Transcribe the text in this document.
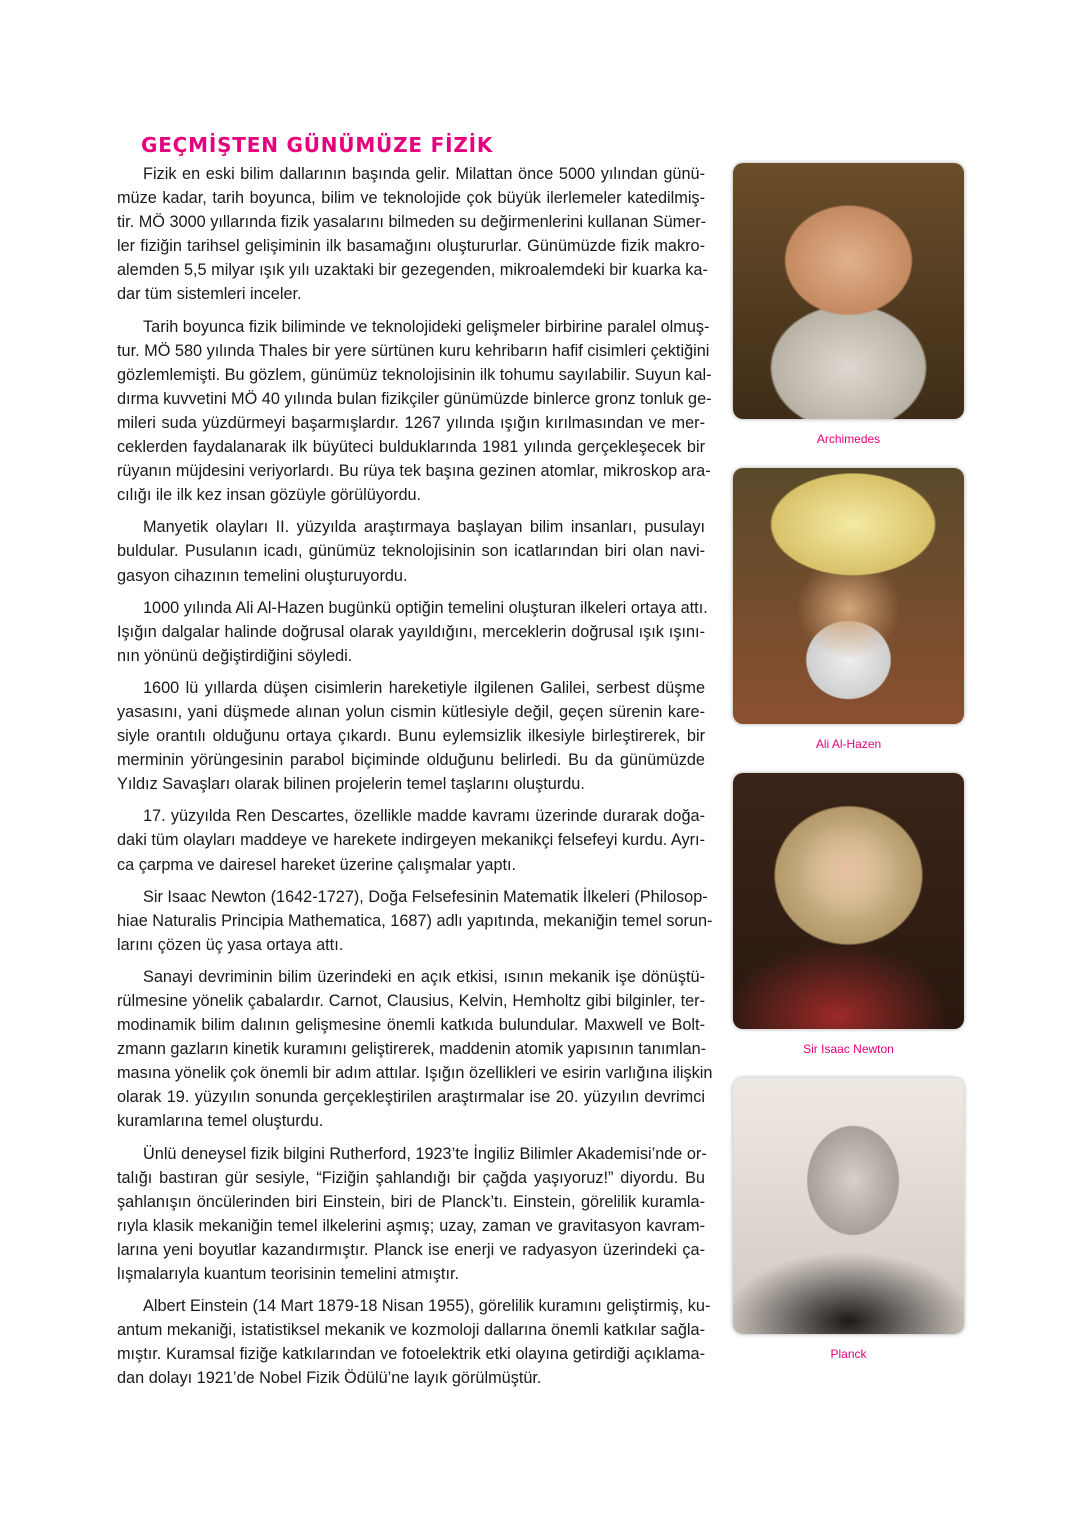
GEÇMİŞTEN GÜNÜMÜZE FİZİK
Fizik en eski bilim dallarının başında gelir. Milattan önce 5000 yılından günü-
müze kadar, tarih boyunca, bilim ve teknolojide çok büyük ilerlemeler katedilmiş-
tir. MÖ 3000 yıllarında fizik yasalarını bilmeden su değirmenlerini kullanan Sümer-
ler fiziğin tarihsel gelişiminin ilk basamağını oluştururlar. Günümüzde fizik makro-
alemden 5,5 milyar ışık yılı uzaktaki bir gezegenden, mikroalemdeki bir kuarka ka-
dar tüm sistemleri inceler.
Tarih boyunca fizik biliminde ve teknolojideki gelişmeler birbirine paralel olmuş-
tur. MÖ 580 yılında Thales bir yere sürtünen kuru kehribarın hafif cisimleri çektiğini
gözlemlemişti. Bu gözlem, günümüz teknolojisinin ilk tohumu sayılabilir. Suyun kal-
dırma kuvvetini MÖ 40 yılında bulan fizikçiler günümüzde binlerce gronz tonluk ge-
mileri suda yüzdürmeyi başarmışlardır. 1267 yılında ışığın kırılmasından ve mer-
ceklerden faydalanarak ilk büyüteci bulduklarında 1981 yılında gerçekleşecek bir
rüyanın müjdesini veriyorlardı. Bu rüya tek başına gezinen atomlar, mikroskop ara-
cılığı ile ilk kez insan gözüyle görülüyordu.
Manyetik olayları II. yüzyılda araştırmaya başlayan bilim insanları, pusulayı
buldular. Pusulanın icadı, günümüz teknolojisinin son icatlarından biri olan navi-
gasyon cihazının temelini oluşturuyordu.
1000 yılında Ali Al-Hazen bugünkü optiğin temelini oluşturan ilkeleri ortaya attı.
Işığın dalgalar halinde doğrusal olarak yayıldığını, merceklerin doğrusal ışık ışını-
nın yönünü değiştirdiğini söyledi.
1600 lü yıllarda düşen cisimlerin hareketiyle ilgilenen Galilei, serbest düşme
yasasını, yani düşmede alınan yolun cismin kütlesiyle değil, geçen sürenin kare-
siyle orantılı olduğunu ortaya çıkardı. Bunu eylemsizlik ilkesiyle birleştirerek, bir
merminin yörüngesinin parabol biçiminde olduğunu belirledi. Bu da günümüzde
Yıldız Savaşları olarak bilinen projelerin temel taşlarını oluşturdu.
17. yüzyılda Ren Descartes, özellikle madde kavramı üzerinde durarak doğa-
daki tüm olayları maddeye ve harekete indirgeyen mekanikçi felsefeyi kurdu. Ayrı-
ca çarpma ve dairesel hareket üzerine çalışmalar yaptı.
Sir Isaac Newton (1642-1727), Doğa Felsefesinin Matematik İlkeleri (Philosop-
hiae Naturalis Principia Mathematica, 1687) adlı yapıtında, mekaniğin temel sorun-
larını çözen üç yasa ortaya attı.
Sanayi devriminin bilim üzerindeki en açık etkisi, ısının mekanik işe dönüştü-
rülmesine yönelik çabalardır. Carnot, Clausius, Kelvin, Hemholtz gibi bilginler, ter-
modinamik bilim dalının gelişmesine önemli katkıda bulundular. Maxwell ve Bolt-
zmann gazların kinetik kuramını geliştirerek, maddenin atomik yapısının tanımlan-
masına yönelik çok önemli bir adım attılar. Işığın özellikleri ve esirin varlığına ilişkin
olarak 19. yüzyılın sonunda gerçekleştirilen araştırmalar ise 20. yüzyılın devrimci
kuramlarına temel oluşturdu.
Ünlü deneysel fizik bilgini Rutherford, 1923’te İngiliz Bilimler Akademisi’nde or-
talığı bastıran gür sesiyle, “Fiziğin şahlandığı bir çağda yaşıyoruz!” diyordu. Bu
şahlanışın öncülerinden biri Einstein, biri de Planck’tı. Einstein, görelilik kuramla-
rıyla klasik mekaniğin temel ilkelerini aşmış; uzay, zaman ve gravitasyon kavram-
larına yeni boyutlar kazandırmıştır. Planck ise enerji ve radyasyon üzerindeki ça-
lışmalarıyla kuantum teorisinin temelini atmıştır.
Albert Einstein (14 Mart 1879-18 Nisan 1955), görelilik kuramını geliştirmiş, ku-
antum mekaniği, istatistiksel mekanik ve kozmoloji dallarına önemli katkılar sağla-
mıştır. Kuramsal fiziğe katkılarından ve fotoelektrik etki olayına getirdiği açıklama-
dan dolayı 1921’de Nobel Fizik Ödülü’ne layık görülmüştür.
Archimedes
Ali Al-Hazen
Sir Isaac Newton
Planck
